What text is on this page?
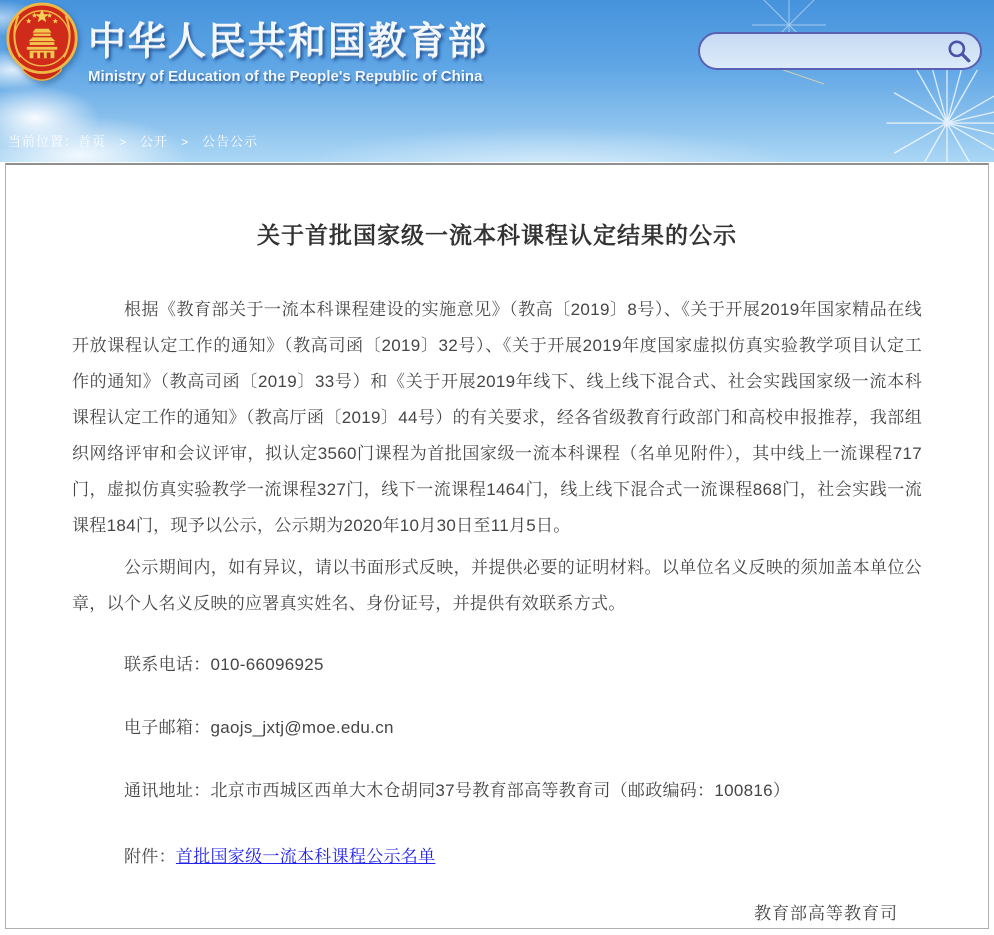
中华人民共和国教育部
Ministry of Education of the People's Republic of China
当前位置：首页 > 公开 > 公告公示
关于首批国家级一流本科课程认定结果的公示

根据《教育部关于一流本科课程建设的实施意见》（教高〔2019〕8号）、《关于开展2019年国家精品在线开放课程认定工作的通知》（教高司函〔2019〕32号）、《关于开展2019年度国家虚拟仿真实验教学项目认定工作的通知》（教高司函〔2019〕33号）和《关于开展2019年线下、线上线下混合式、社会实践国家级一流本科课程认定工作的通知》（教高厅函〔2019〕44号）的有关要求，经各省级教育行政部门和高校申报推荐，我部组织网络评审和会议评审，拟认定3560门课程为首批国家级一流本科课程（名单见附件），其中线上一流课程717门，虚拟仿真实验教学一流课程327门，线下一流课程1464门，线上线下混合式一流课程868门，社会实践一流课程184门，现予以公示，公示期为2020年10月30日至11月5日。

公示期间内，如有异议，请以书面形式反映，并提供必要的证明材料。以单位名义反映的须加盖本单位公章，以个人名义反映的应署真实姓名、身份证号，并提供有效联系方式。

联系电话：010-66096925

电子邮箱：gaojs_jxtj@moe.edu.cn

通讯地址：北京市西城区西单大木仓胡同37号教育部高等教育司（邮政编码：100816）

附件：首批国家级一流本科课程公示名单

教育部高等教育司
